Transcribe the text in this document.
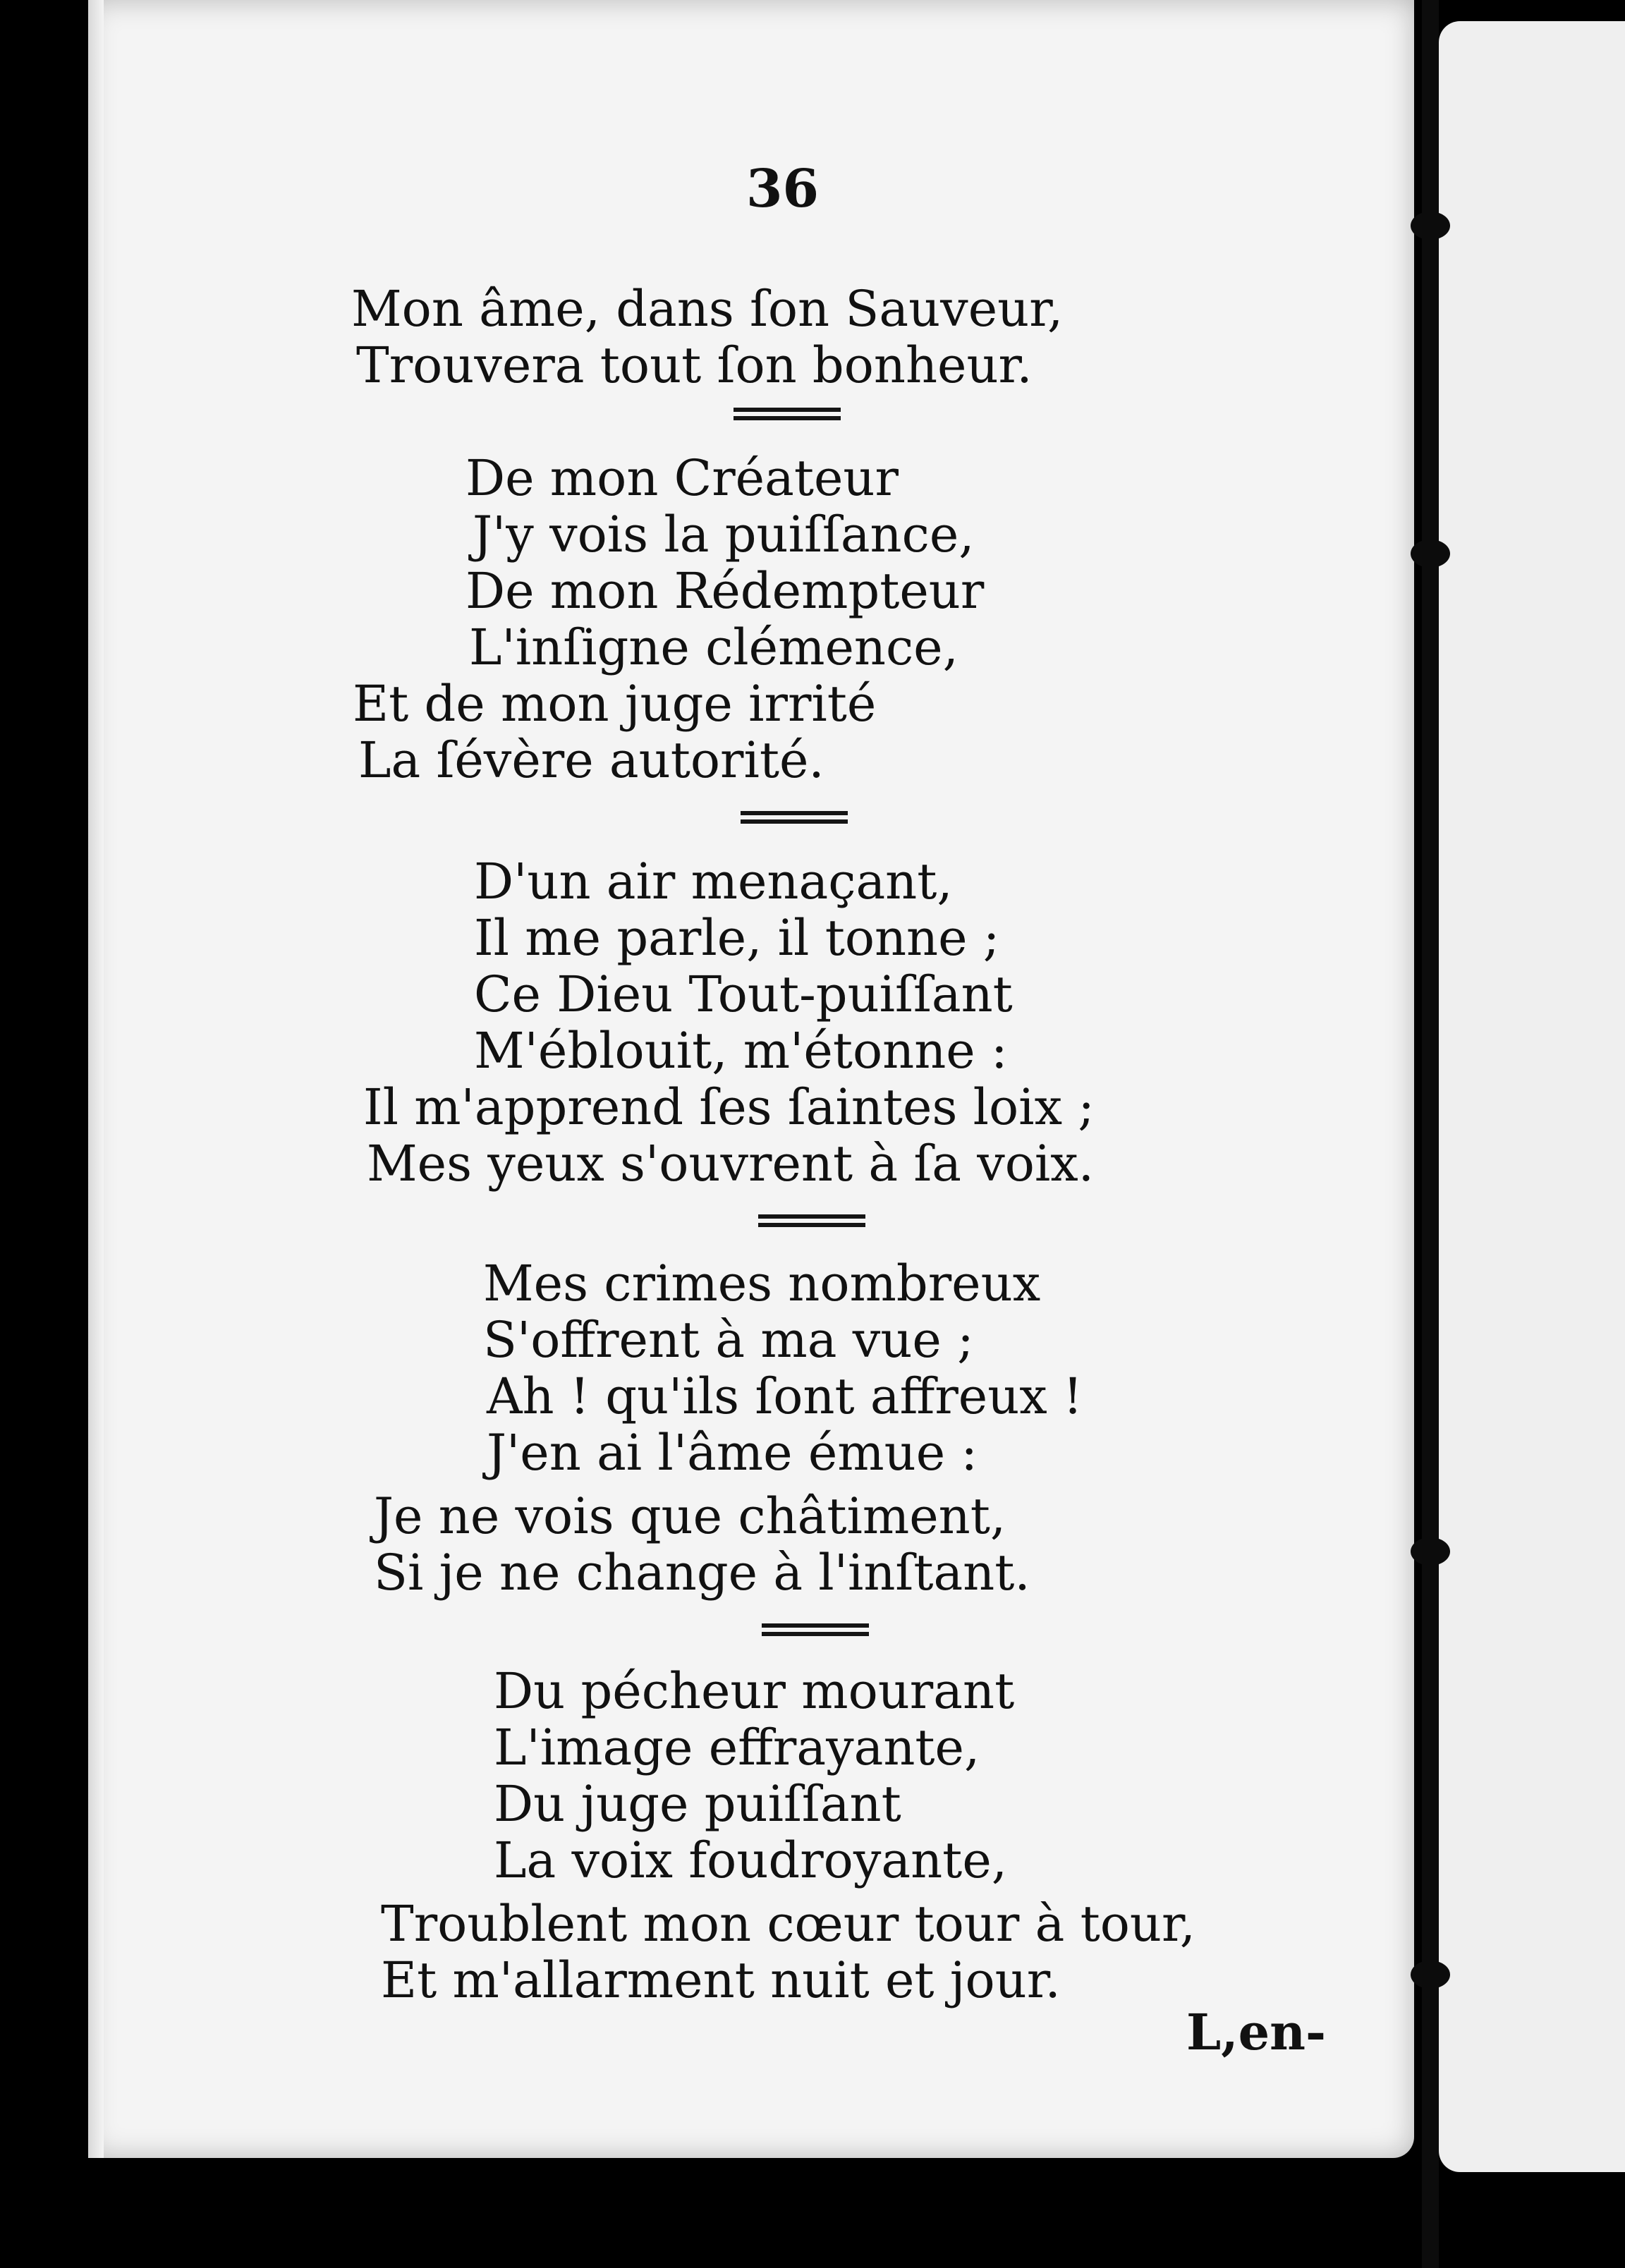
36
Mon âme, dans ſon Sauveur,
Trouvera tout ſon bonheur.
De mon Créateur
J'y vois la puiſſance,
De mon Rédempteur
L'inſigne clémence,
Et de mon juge irrité
La ſévère autorité.
D'un air menaçant,
Il me parle, il tonne ;
Ce Dieu Tout-puiſſant
M'éblouit, m'étonne :
Il m'apprend ſes ſaintes loix ;
Mes yeux s'ouvrent à ſa voix.
Mes crimes nombreux
S'offrent à ma vue ;
Ah ! qu'ils ſont affreux !
J'en ai l'âme émue :
Je ne vois que châtiment,
Si je ne change à l'inſtant.
Du pécheur mourant
L'image effrayante,
Du juge puiſſant
La voix foudroyante,
Troublent mon cœur tour à tour,
Et m'allarment nuit et jour.
L,en-
